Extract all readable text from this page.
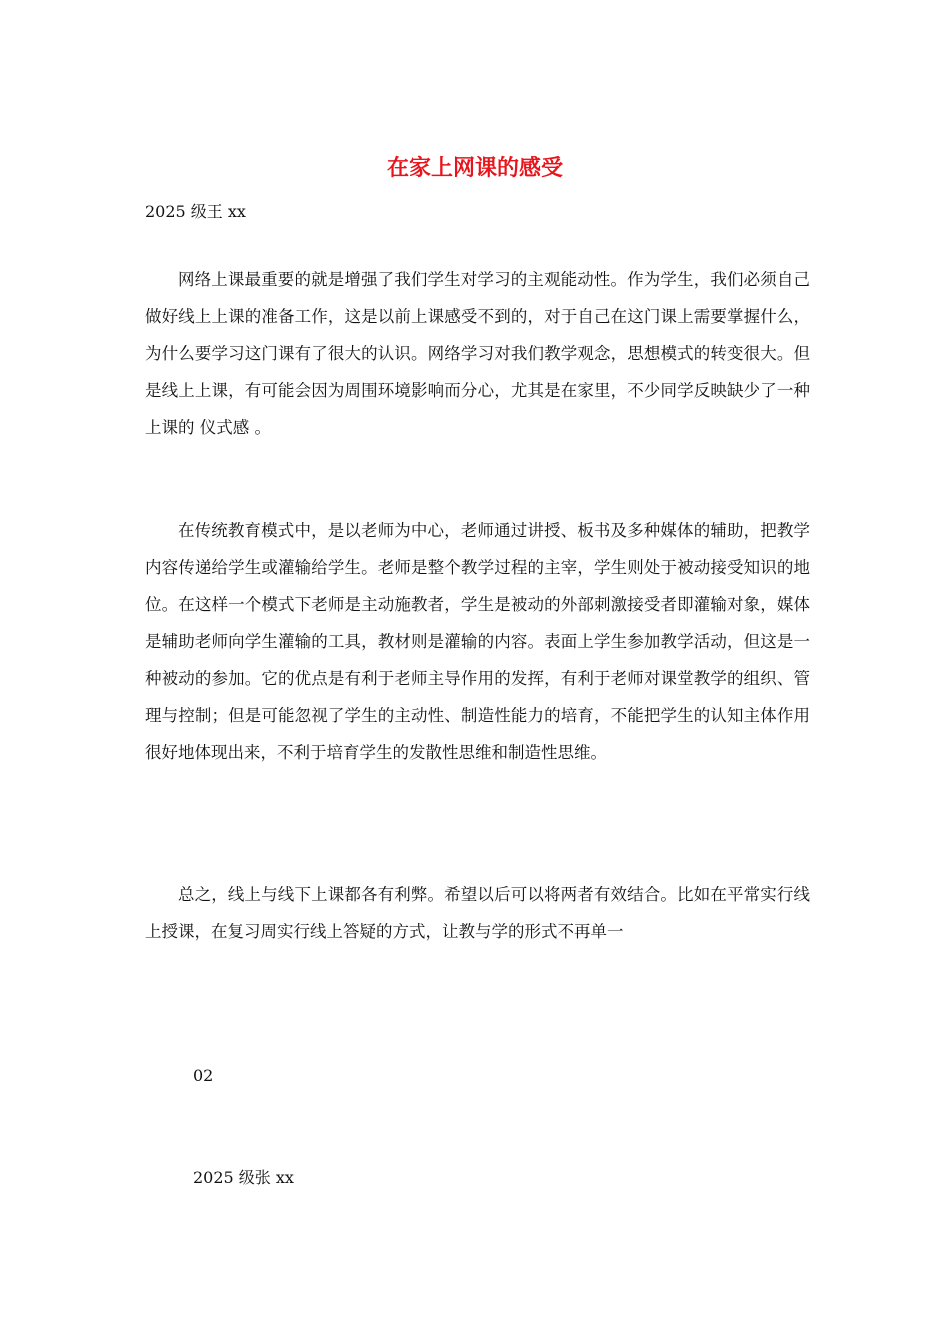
在家上网课的感受

2025 级王 xx

网络上课最重要的就是增强了我们学生对学习的主观能动性。作为学生，我们必须自己做好线上上课的准备工作，这是以前上课感受不到的，对于自己在这门课上需要掌握什么，为什么要学习这门课有了很大的认识。网络学习对我们教学观念，思想模式的转变很大。但是线上上课，有可能会因为周围环境影响而分心，尤其是在家里，不少同学反映缺少了一种上课的 仪式感 。

在传统教育模式中，是以老师为中心，老师通过讲授、板书及多种媒体的辅助，把教学内容传递给学生或灌输给学生。老师是整个教学过程的主宰，学生则处于被动接受知识的地位。在这样一个模式下老师是主动施教者，学生是被动的外部刺激接受者即灌输对象，媒体是辅助老师向学生灌输的工具，教材则是灌输的内容。表面上学生参加教学活动，但这是一种被动的参加。它的优点是有利于老师主导作用的发挥，有利于老师对课堂教学的组织、管理与控制；但是可能忽视了学生的主动性、制造性能力的培育，不能把学生的认知主体作用很好地体现出来，不利于培育学生的发散性思维和制造性思维。

总之，线上与线下上课都各有利弊。希望以后可以将两者有效结合。比如在平常实行线上授课，在复习周实行线上答疑的方式，让教与学的形式不再单一

02

2025 级张 xx
